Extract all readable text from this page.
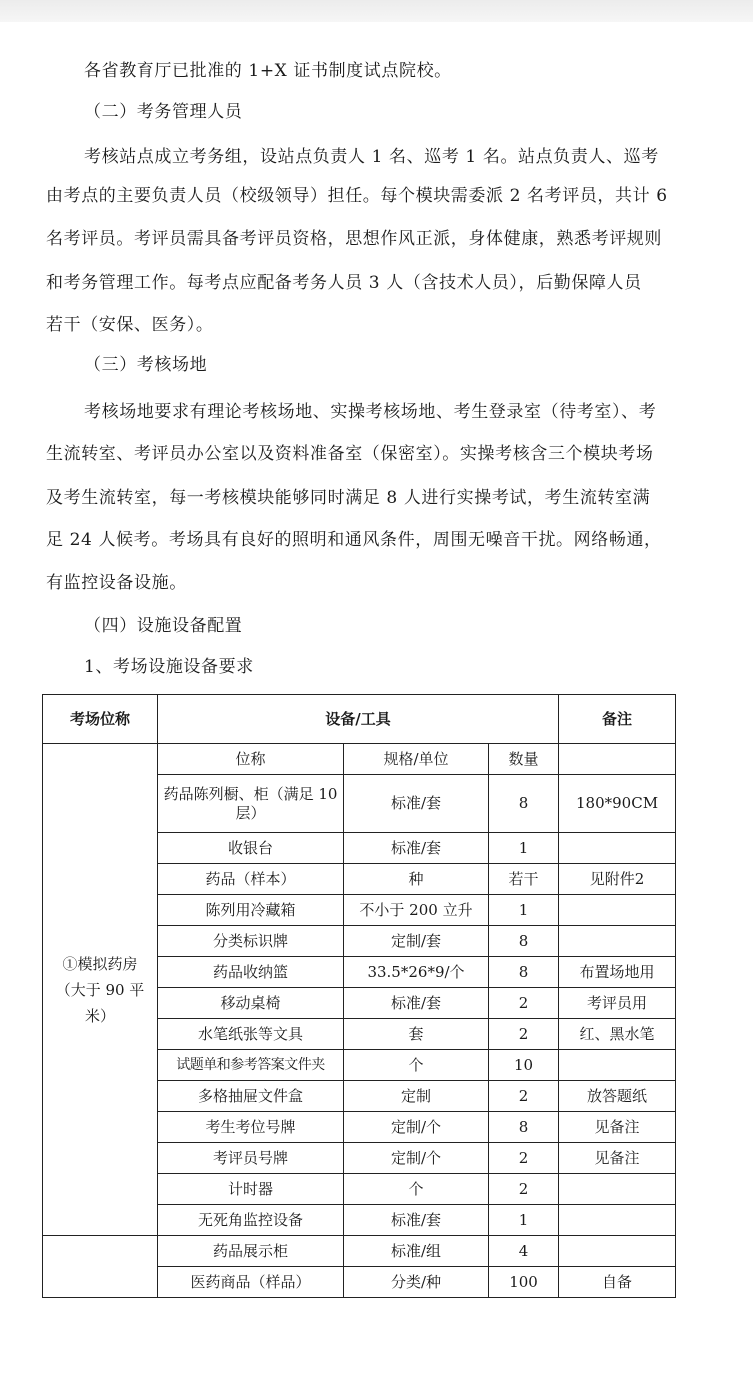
各省教育厅已批准的 1+X 证书制度试点院校。
（二）考务管理人员
考核站点成立考务组，设站点负责人 1 名、巡考 1 名。站点负责人、巡考
由考点的主要负责人员（校级领导）担任。每个模块需委派 2 名考评员，共计 6
名考评员。考评员需具备考评员资格，思想作风正派，身体健康，熟悉考评规则
和考务管理工作。每考点应配备考务人员 3 人（含技术人员），后勤保障人员
若干（安保、医务）。
（三）考核场地
考核场地要求有理论考核场地、实操考核场地、考生登录室（待考室）、考
生流转室、考评员办公室以及资料准备室（保密室）。实操考核含三个模块考场
及考生流转室，每一考核模块能够同时满足 8 人进行实操考试，考生流转室满
足 24 人候考。考场具有良好的照明和通风条件，周围无噪音干扰。网络畅通，
有监控设备设施。
（四）设施设备配置
1、考场设施设备要求
考场位称	设备/工具			备注

①模拟药房（大于 90 平米）	位称	规格/单位	数量	
	药品陈列橱、柜（满足 10 层）	标准/套	8	180*90CM
	收银台	标准/套	1	
	药品（样本）	种	若干	见附件2
	陈列用冷藏箱	不小于 200 立升	1	
	分类标识牌	定制/套	8	
	药品收纳篮	33.5*26*9/个	8	布置场地用
	移动桌椅	标准/套	2	考评员用
	水笔纸张等文具	套	2	红、黑水笔
	试题单和参考答案文件夹	个	10	
	多格抽屉文件盒	定制	2	放答题纸
	考生考位号牌	定制/个	8	见备注
	考评员号牌	定制/个	2	见备注
	计时器	个	2	
	无死角监控设备	标准/套	1	
	药品展示柜	标准/组	4	
	医药商品（样品）	分类/种	100	自备
